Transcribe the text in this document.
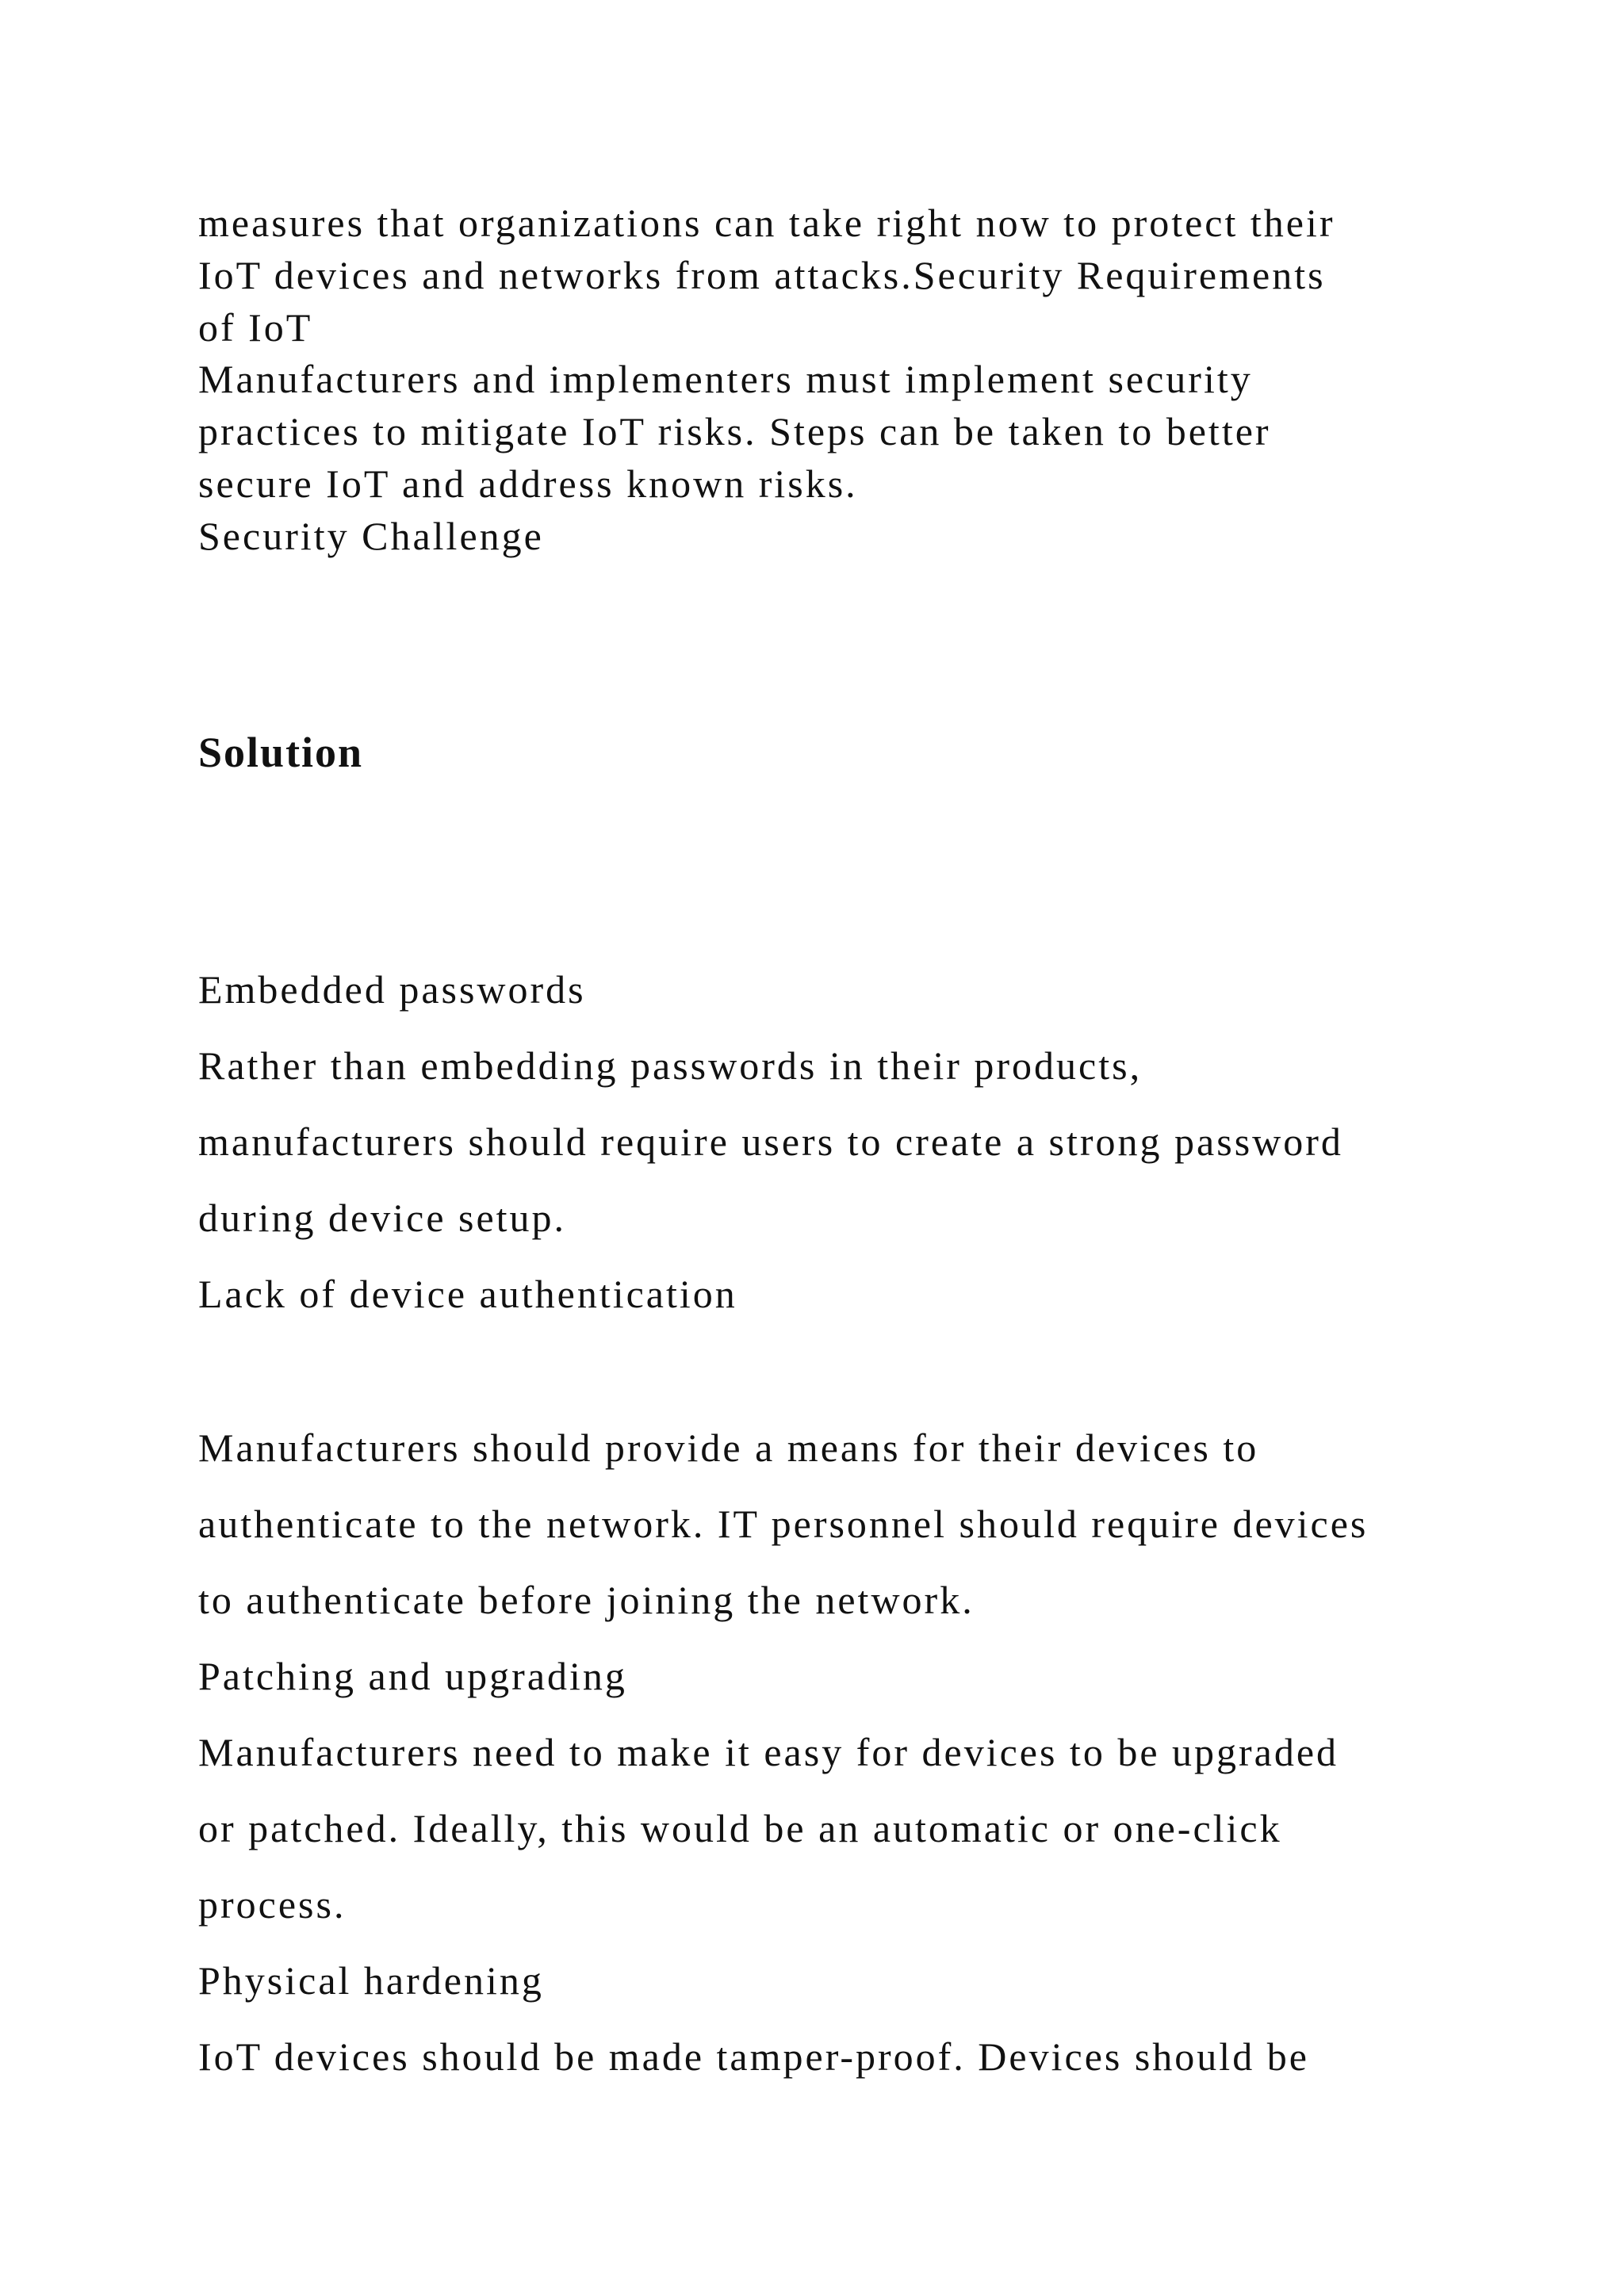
measures that organizations can take right now to protect their
IoT devices and networks from attacks.Security Requirements
of IoT
Manufacturers and implementers must implement security
practices to mitigate IoT risks. Steps can be taken to better
secure IoT and address known risks.
Security Challenge
Solution
Embedded passwords
Rather than embedding passwords in their products,
manufacturers should require users to create a strong password
during device setup.
Lack of device authentication
Manufacturers should provide a means for their devices to
authenticate to the network. IT personnel should require devices
to authenticate before joining the network.
Patching and upgrading
Manufacturers need to make it easy for devices to be upgraded
or patched. Ideally, this would be an automatic or one-click
process.
Physical hardening
IoT devices should be made tamper-proof. Devices should be
